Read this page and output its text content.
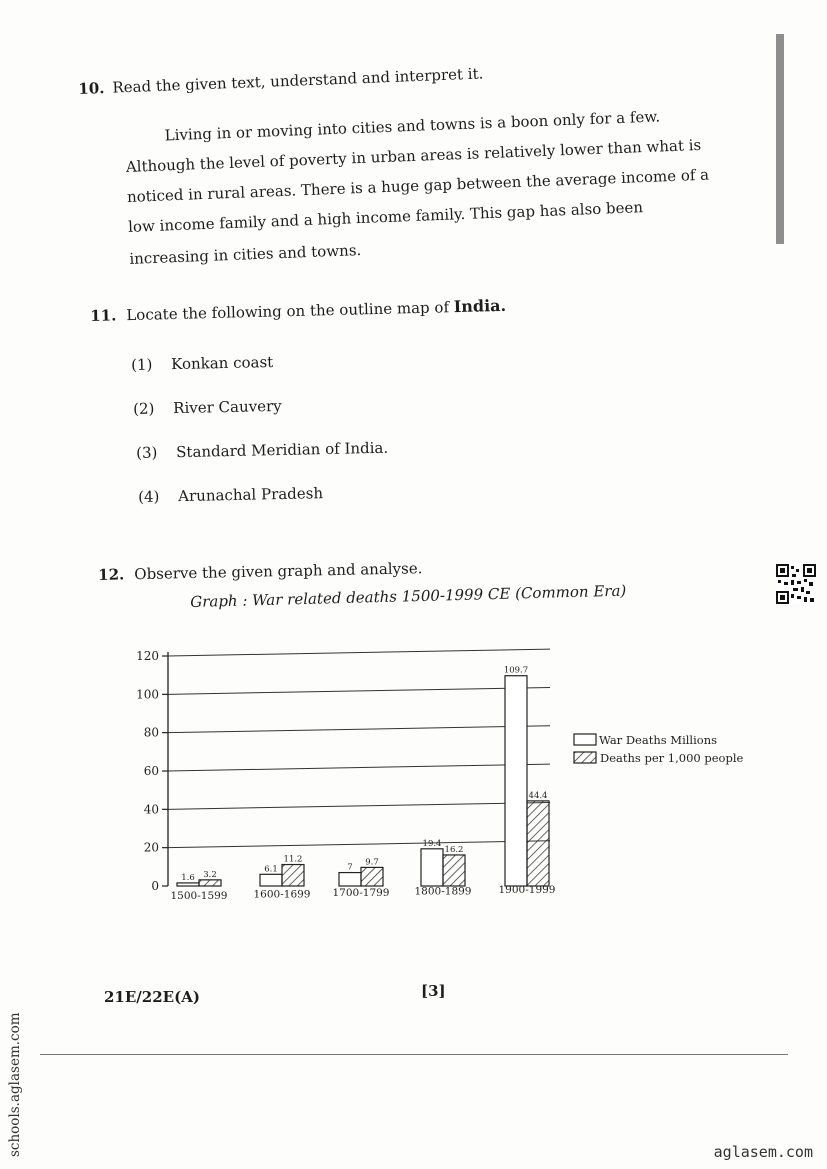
10. Read the given text, understand and interpret it.
Living in or moving into cities and towns is a boon only for a few.
Although the level of poverty in urban areas is relatively lower than what is
noticed in rural areas. There is a huge gap between the average income of a
low income family and a high income family. This gap has also been
increasing in cities and towns.
11. Locate the following on the outline map of India.
(1) Konkan coast
(2) River Cauvery
(3) Standard Meridian of India.
(4) Arunachal Pradesh
12. Observe the given graph and analyse.
Graph : War related deaths 1500-1999 CE (Common Era)
0
20
40
60
80
100
120
1.6 3.2
1500-1599
6.1
11.2
1600-1699
7
9.7
1700-1799
19.4
16.2
1800-1899
109.7
44.4
1900-1999
War Deaths Millions
Deaths per 1,000 people
21E/22E(A)	[3]
schools.aglasem.com	aglasem.com
